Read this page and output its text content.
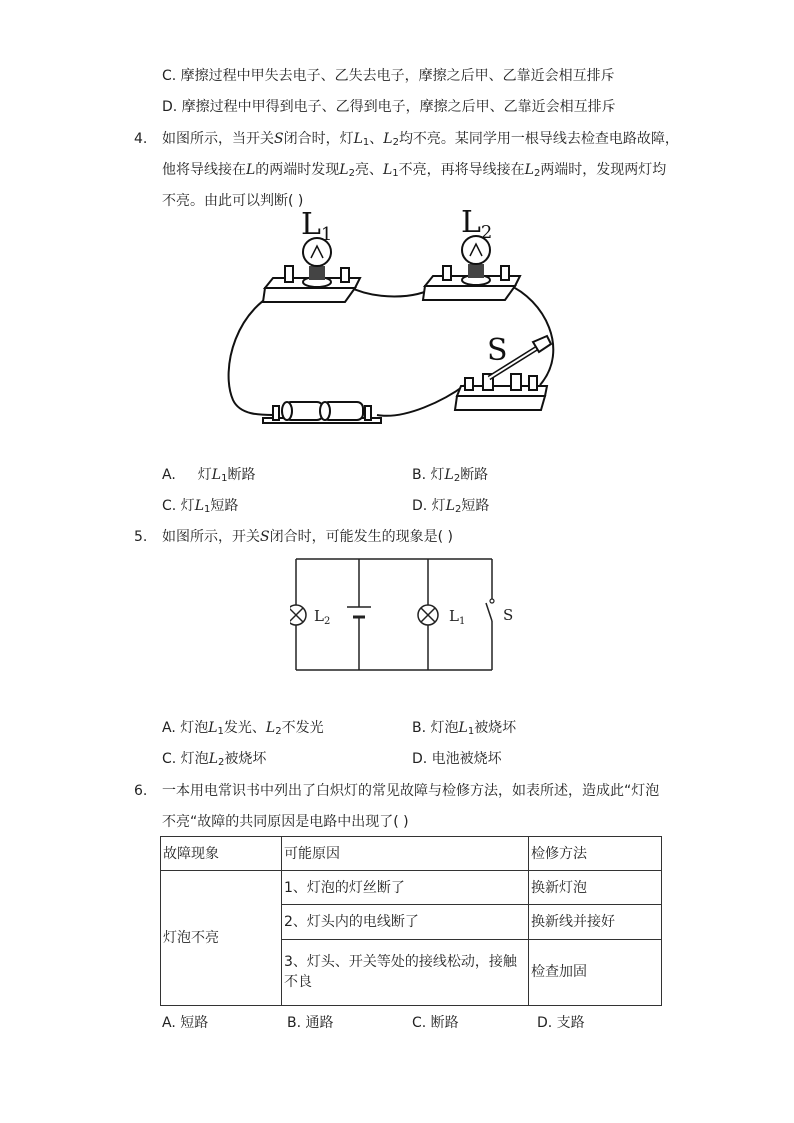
C. 摩擦过程中甲失去电子、乙失去电子，摩擦之后甲、乙靠近会相互排斥
D. 摩擦过程中甲得到电子、乙得到电子，摩擦之后甲、乙靠近会相互排斥
4. 如图所示，当开关S闭合时，灯L1、L2均不亮。某同学用一根导线去检查电路故障，
他将导线接在L的两端时发现L2亮、L1不亮，再将导线接在L2两端时，发现两灯均
不亮。由此可以判断( )
$L_1$	$L_2$
S
A. 灯L1断路	B. 灯L2断路
C. 灯L1短路	D. 灯L2短路
5. 如图所示，开关S闭合时，可能发生的现象是( )
$L_2$	$L_1$	S
A. 灯泡L1发光、L2不发光	B. 灯泡L1被烧坏
C. 灯泡L2被烧坏	D. 电池被烧坏
6. 一本用电常识书中列出了白炽灯的常见故障与检修方法，如表所述，造成此“灯泡
不亮“故障的共同原因是电路中出现了( )
故障现象	可能原因	检修方法
灯泡不亮	1、灯泡的灯丝断了	换新灯泡
	2、灯头内的电线断了	换新线并接好
	3、灯头、开关等处的接线松动，接触不良	检查加固
A. 短路	B. 通路	C. 断路	D. 支路
